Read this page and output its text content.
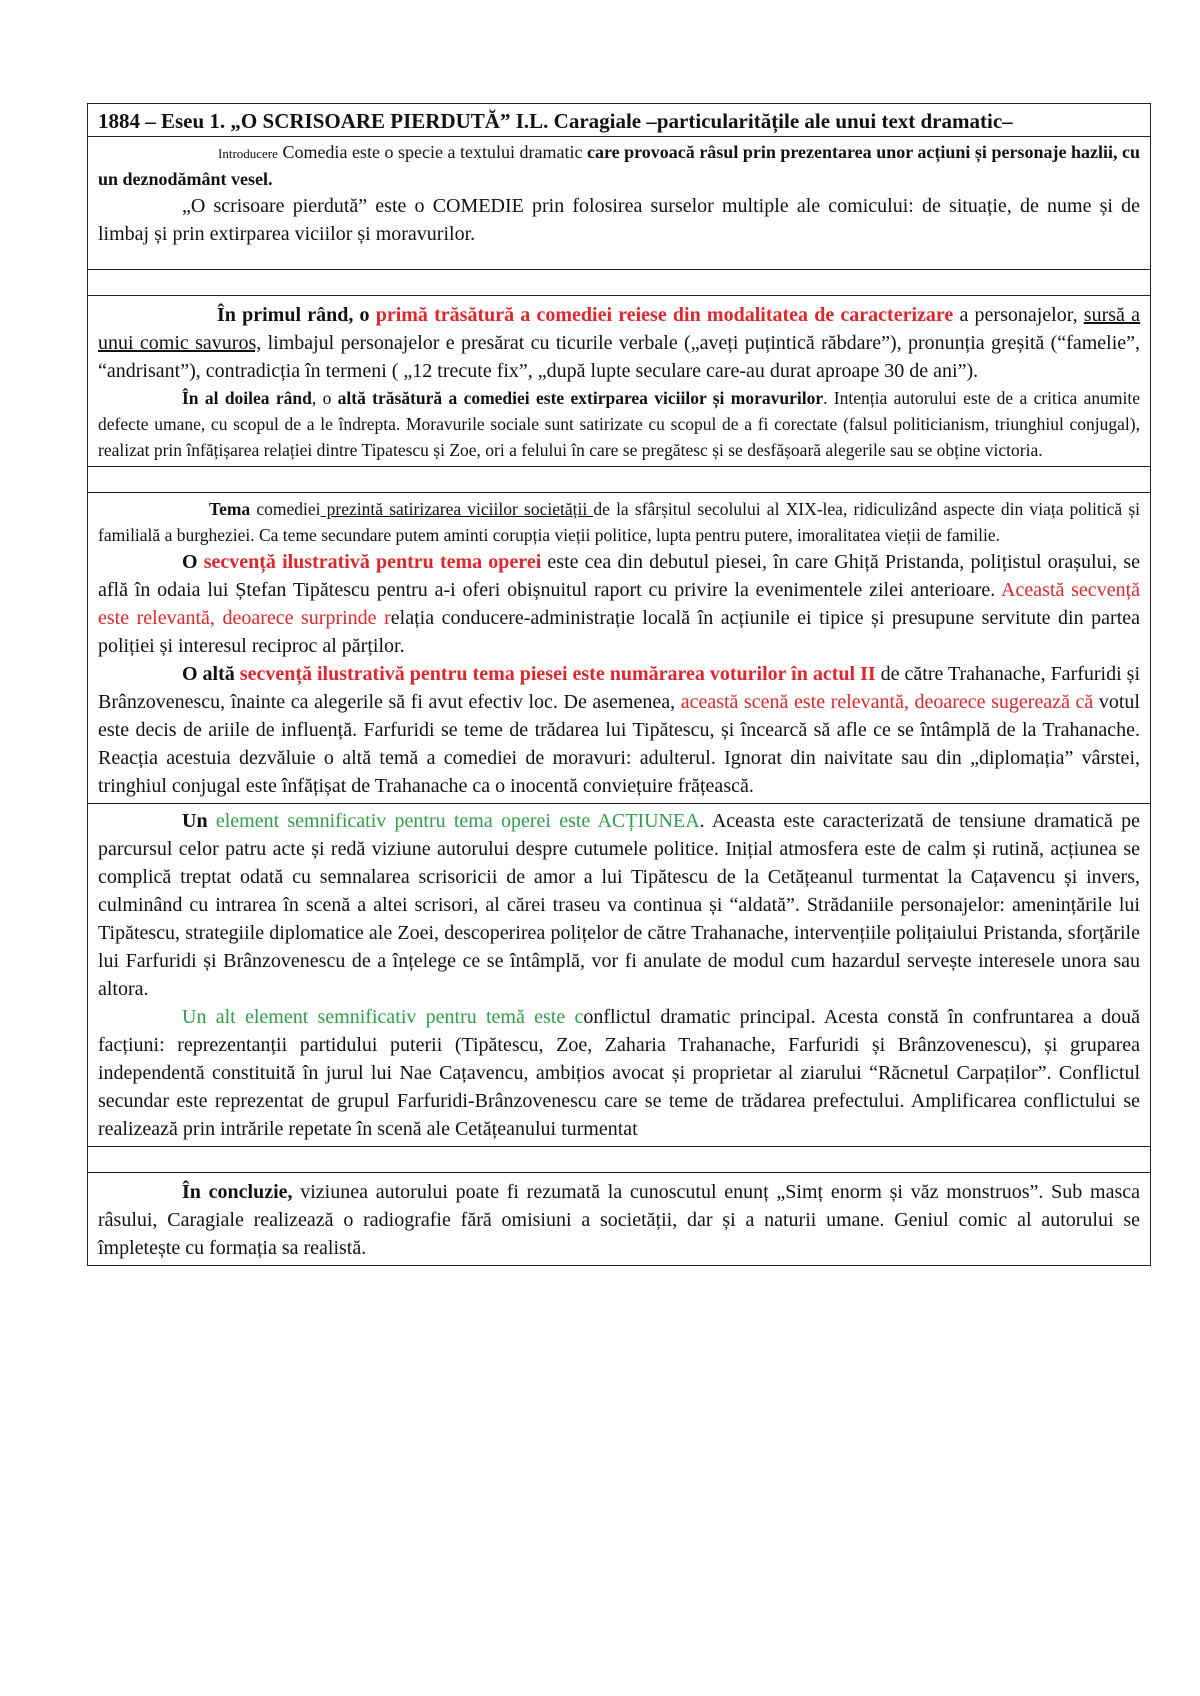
1884 – Eseu 1. „O SCRISOARE PIERDUTĂ” I.L. Caragiale –particularitățile ale unui text dramatic–

Introducere Comedia este o specie a textului dramatic care provoacă râsul prin prezentarea unor acțiuni și personaje hazlii, cu un deznodământ vesel.

„O scrisoare pierdută” este o COMEDIE prin folosirea surselor multiple ale comicului: de situație, de nume și de limbaj și prin extirparea viciilor și moravurilor.

În primul rând, o primă trăsătură a comediei reiese din modalitatea de caracterizare a personajelor, sursă a unui comic savuros, limbajul personajelor e presărat cu ticurile verbale („aveți puțintică răbdare”), pronunția greșită (“famelie”, “andrisant”), contradicția în termeni ( „12 trecute fix”, „după lupte seculare care-au durat aproape 30 de ani”).

În al doilea rând, o altă trăsătură a comediei este extirparea viciilor și moravurilor. Intenția autorului este de a critica anumite defecte umane, cu scopul de a le îndrepta. Moravurile sociale sunt satirizate cu scopul de a fi corectate (falsul politicianism, triunghiul conjugal), realizat prin înfățișarea relației dintre Tipatescu și Zoe, ori a felului în care se pregătesc și se desfășoară alegerile sau se obține victoria.

Tema comediei prezintă satirizarea viciilor societății de la sfârșitul secolului al XIX-lea, ridiculizând aspecte din viața politică și familială a burgheziei. Ca teme secundare putem aminti corupția vieții politice, lupta pentru putere, imoralitatea vieții de familie.

O secvență ilustrativă pentru tema operei este cea din debutul piesei, în care Ghiță Pristanda, polițistul orașului, se află în odaia lui Ștefan Tipătescu pentru a-i oferi obișnuitul raport cu privire la evenimentele zilei anterioare. Această secvență este relevantă, deoarece surprinde relația conducere-administrație locală în acțiunile ei tipice și presupune servitute din partea poliției și interesul reciproc al părților.

O altă secvență ilustrativă pentru tema piesei este numărarea voturilor în actul II de către Trahanache, Farfuridi și Brânzovenescu, înainte ca alegerile să fi avut efectiv loc. De asemenea, această scenă este relevantă, deoarece sugerează că votul este decis de ariile de influență. Farfuridi se teme de trădarea lui Tipătescu, și încearcă să afle ce se întâmplă de la Trahanache. Reacția acestuia dezvăluie o altă temă a comediei de moravuri: adulterul. Ignorat din naivitate sau din „diplomația” vârstei, tringhiul conjugal este înfățișat de Trahanache ca o inocentă conviețuire frățească.

Un element semnificativ pentru tema operei este ACȚIUNEA. Aceasta este caracterizată de tensiune dramatică pe parcursul celor patru acte și redă viziune autorului despre cutumele politice. Inițial atmosfera este de calm și rutină, acțiunea se complică treptat odată cu semnalarea scrisoricii de amor a lui Tipătescu de la Cetățeanul turmentat la Cațavencu și invers, culminând cu intrarea în scenă a altei scrisori, al cărei traseu va continua și “aldată”. Strădaniile personajelor: amenințările lui Tipătescu, strategiile diplomatice ale Zoei, descoperirea polițelor de către Trahanache, intervențiile polițaiului Pristanda, sforțările lui Farfuridi și Brânzovenescu de a înțelege ce se întâmplă, vor fi anulate de modul cum hazardul servește interesele unora sau altora.

Un alt element semnificativ pentru temă este conflictul dramatic principal. Acesta constă în confruntarea a două facțiuni: reprezentanții partidului puterii (Tipătescu, Zoe, Zaharia Trahanache, Farfuridi și Brânzovenescu), și gruparea independentă constituită în jurul lui Nae Cațavencu, ambițios avocat și proprietar al ziarului “Răcnetul Carpaților”. Conflictul secundar este reprezentat de grupul Farfuridi-Brânzovenescu care se teme de trădarea prefectului. Amplificarea conflictului se realizează prin intrările repetate în scenă ale Cetățeanului turmentat

În concluzie, viziunea autorului poate fi rezumată la cunoscutul enunț „Simț enorm și văz monstruos”. Sub masca râsului, Caragiale realizează o radiografie fără omisiuni a societății, dar și a naturii umane. Geniul comic al autorului se împletește cu formația sa realistă.
